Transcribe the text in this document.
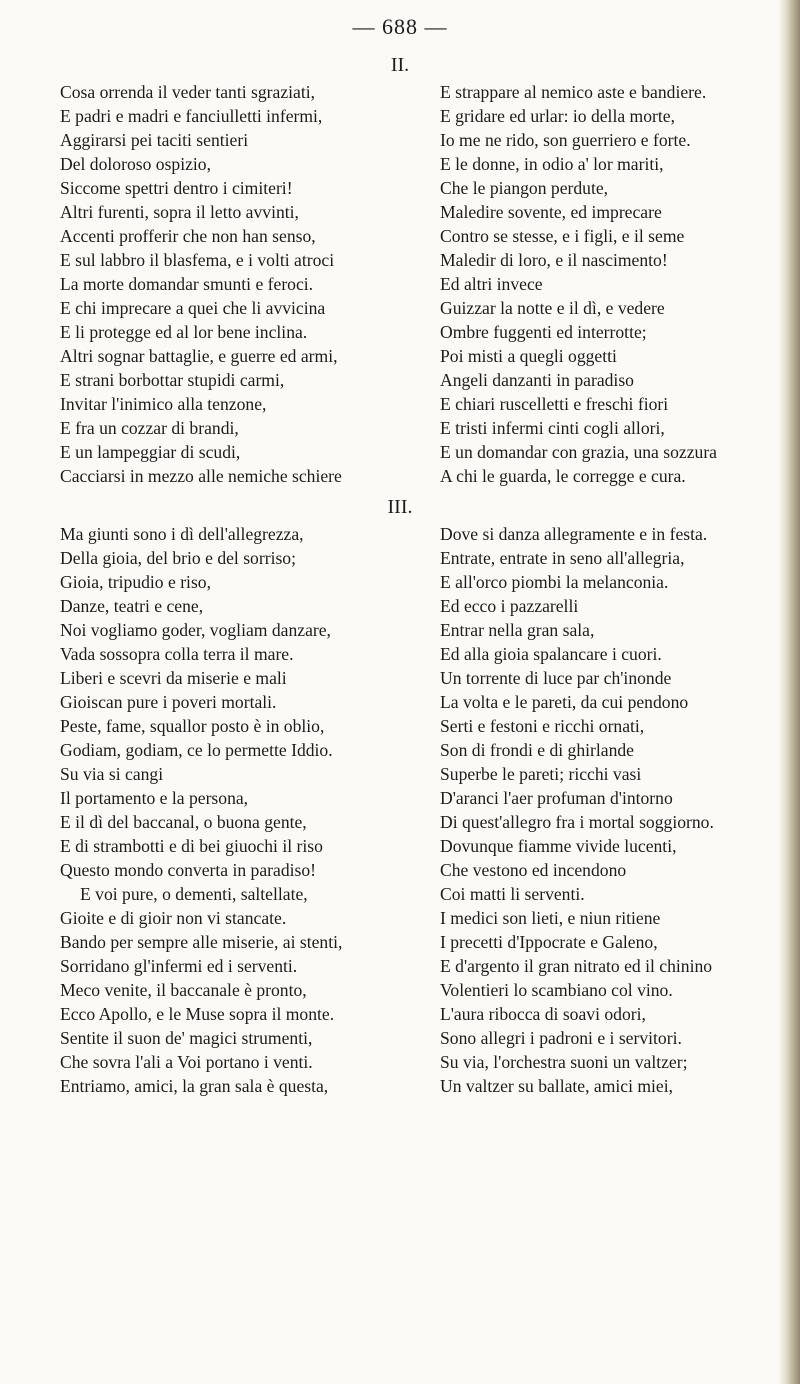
— 688 —
II.
Cosa orrenda il veder tanti sgraziati,
E padri e madri e fanciulletti infermi,
Aggirarsi pei taciti sentieri
Del doloroso ospizio,
Siccome spettri dentro i cimiteri!
Altri furenti, sopra il letto avvinti,
Accenti profferir che non han senso,
E sul labbro il blasfema, e i volti atroci
La morte domandar smunti e feroci.
E chi imprecare a quei che li avvicina
E li protegge ed al lor bene inclina.
Altri sognar battaglie, e guerre ed armi,
E strani borbottar stupidi carmi,
Invitar l'inimico alla tenzone,
E fra un cozzar di brandi,
E un lampeggiar di scudi,
Cacciarsi in mezzo alle nemiche schiere
E strappare al nemico aste e bandiere.
E gridare ed urlar: io della morte,
Io me ne rido, son guerriero e forte.
E le donne, in odio a' lor mariti,
Che le piangon perdute,
Maledire sovente, ed imprecare
Contro se stesse, e i figli, e il seme
Maledir di loro, e il nascimento!
Ed altri invece
Guizzar la notte e il dì, e vedere
Ombre fuggenti ed interrotte;
Poi misti a quegli oggetti
Angeli danzanti in paradiso
E chiari ruscelletti e freschi fiori
E tristi infermi cinti cogli allori,
E un domandar con grazia, una sozzura
A chi le guarda, le corregge e cura.
III.
Ma giunti sono i dì dell'allegrezza,
Della gioia, del brio e del sorriso;
Gioia, tripudio e riso,
Danze, teatri e cene,
Noi vogliamo goder, vogliam danzare,
Vada sossopra colla terra il mare.
Liberi e scevri da miserie e mali
Gioiscan pure i poveri mortali.
Peste, fame, squallor posto è in oblio,
Godiam, godiam, ce lo permette Iddio.
Su via si cangi
Il portamento e la persona,
E il dì del baccanal, o buona gente,
E di strambotti e di bei giuochi il riso
Questo mondo converta in paradiso!
E voi pure, o dementi, saltellate,
Gioite e di gioir non vi stancate.
Bando per sempre alle miserie, ai stenti,
Sorridano gl'infermi ed i serventi.
Meco venite, il baccanale è pronto,
Ecco Apollo, e le Muse sopra il monte.
Sentite il suon de' magici strumenti,
Che sovra l'ali a Voi portano i venti.
Entriamo, amici, la gran sala è questa,
Dove si danza allegramente e in festa.
Entrate, entrate in seno all'allegria,
E all'orco piombi la melanconia.
Ed ecco i pazzarelli
Entrar nella gran sala,
Ed alla gioia spalancare i cuori.
Un torrente di luce par ch'inonde
La volta e le pareti, da cui pendono
Serti e festoni e ricchi ornati,
Son di frondi e di ghirlande
Superbe le pareti; ricchi vasi
D'aranci l'aer profuman d'intorno
Di quest'allegro fra i mortal soggiorno.
Dovunque fiamme vivide lucenti,
Che vestono ed incendono
Coi matti li serventi.
I medici son lieti, e niun ritiene
I precetti d'Ippocrate e Galeno,
E d'argento il gran nitrato ed il chinino
Volentieri lo scambiano col vino.
L'aura ribocca di soavi odori,
Sono allegri i padroni e i servitori.
Su via, l'orchestra suoni un valtzer;
Un valtzer su ballate, amici miei,
